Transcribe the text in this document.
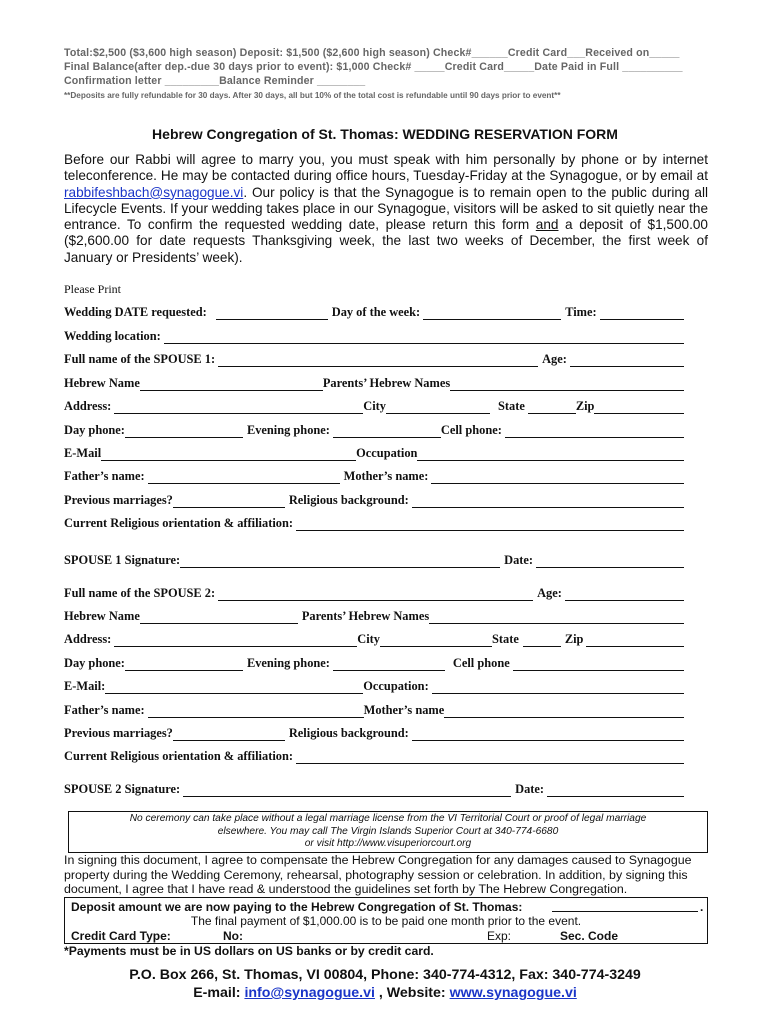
Total:$2,500 ($3,600 high season) Deposit: $1,500 ($2,600 high season) Check#______Credit Card___Received on_____
Final Balance(after dep.-due 30 days prior to event): $1,000 Check# _____Credit Card_____Date Paid in Full __________
Confirmation letter _________Balance Reminder ________
**Deposits are fully refundable for 30 days. After 30 days, all but 10% of the total cost is refundable until 90 days prior to event**
Hebrew Congregation of St. Thomas: WEDDING RESERVATION FORM
Before our Rabbi will agree to marry you, you must speak with him personally by phone or by internet teleconference. He may be contacted during office hours, Tuesday-Friday at the Synagogue, or by email at rabbifeshbach@synagogue.vi. Our policy is that the Synagogue is to remain open to the public during all Lifecycle Events. If your wedding takes place in our Synagogue, visitors will be asked to sit quietly near the entrance. To confirm the requested wedding date, please return this form and a deposit of $1,500.00 ($2,600.00 for date requests Thanksgiving week, the last two weeks of December, the first week of January or Presidents’ week).
Please Print
Wedding DATE requested:	Day of the week:	Time:
Wedding location:
Full name of the SPOUSE 1:	Age:
Hebrew Name	Parents’ Hebrew Names
Address:	City	State	Zip
Day phone:	Evening phone:	Cell phone:
E-Mail	Occupation
Father’s name:	Mother’s name:
Previous marriages?	Religious background:
Current Religious orientation & affiliation:
SPOUSE 1 Signature:	Date:
Full name of the SPOUSE 2:	Age:
Hebrew Name	Parents’ Hebrew Names
Address:	City	State	Zip
Day phone:	Evening phone:	Cell phone
E-Mail:	Occupation:
Father’s name:	Mother’s name
Previous marriages?	Religious background:
Current Religious orientation & affiliation:
SPOUSE 2 Signature:	Date:
No ceremony can take place without a legal marriage license from the VI Territorial Court or proof of legal marriage
elsewhere. You may call The Virgin Islands Superior Court at 340-774-6680
or visit http://www.visuperiorcourt.org
In signing this document, I agree to compensate the Hebrew Congregation for any damages caused to Synagogue property during the Wedding Ceremony, rehearsal, photography session or celebration. In addition, by signing this document, I agree that I have read & understood the guidelines set forth by The Hebrew Congregation.
Deposit amount we are now paying to the Hebrew Congregation of St. Thomas:	.
The final payment of $1,000.00 is to be paid one month prior to the event.
Credit Card Type:	No:	Exp:	Sec. Code
*Payments must be in US dollars on US banks or by credit card.
P.O. Box 266, St. Thomas, VI 00804, Phone: 340-774-4312, Fax: 340-774-3249
E-mail: info@synagogue.vi , Website: www.synagogue.vi
